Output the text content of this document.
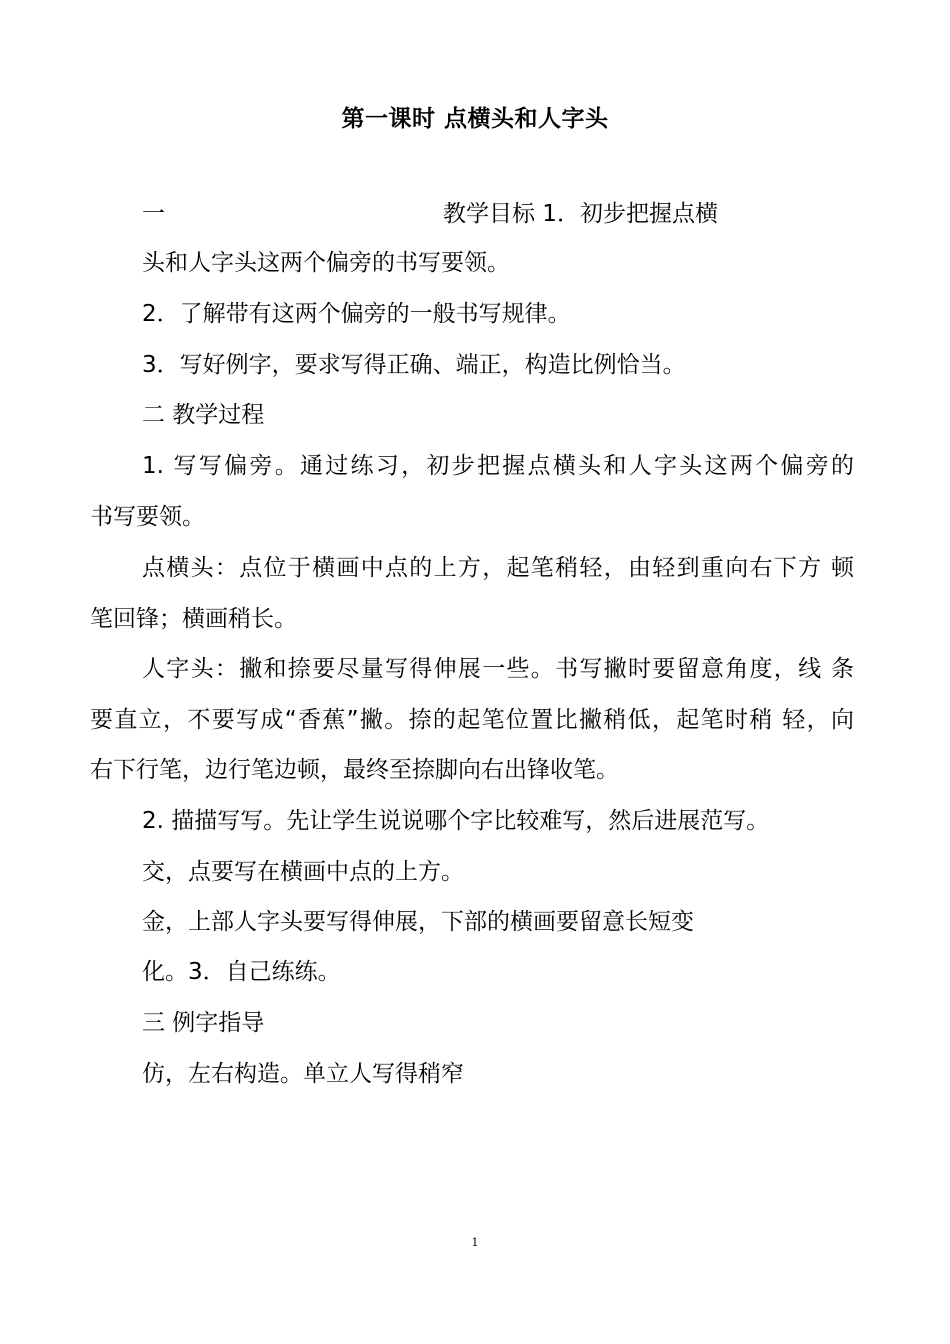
第一课时 点横头和人字头
一	教学目标 1．初步把握点横
头和人字头这两个偏旁的书写要领。
2．了解带有这两个偏旁的一般书写规律。
3．写好例字，要求写得正确、端正，构造比例恰当。
二 教学过程
1. 写写偏旁。通过练习，初步把握点横头和人字头这两个偏旁的
书写要领。
点横头：点位于横画中点的上方，起笔稍轻，由轻到重向右下方 顿
笔回锋；横画稍长。
人字头：撇和捺要尽量写得伸展一些。书写撇时要留意角度，线 条
要直立，不要写成“香蕉”撇。捺的起笔位置比撇稍低，起笔时稍 轻，向
右下行笔，边行笔边顿，最终至捺脚向右出锋收笔。
2. 描描写写。先让学生说说哪个字比较难写，然后进展范写。
交，点要写在横画中点的上方。
金，上部人字头要写得伸展，下部的横画要留意长短变
化。3．自己练练。
三 例字指导
仿，左右构造。单立人写得稍窄
1
